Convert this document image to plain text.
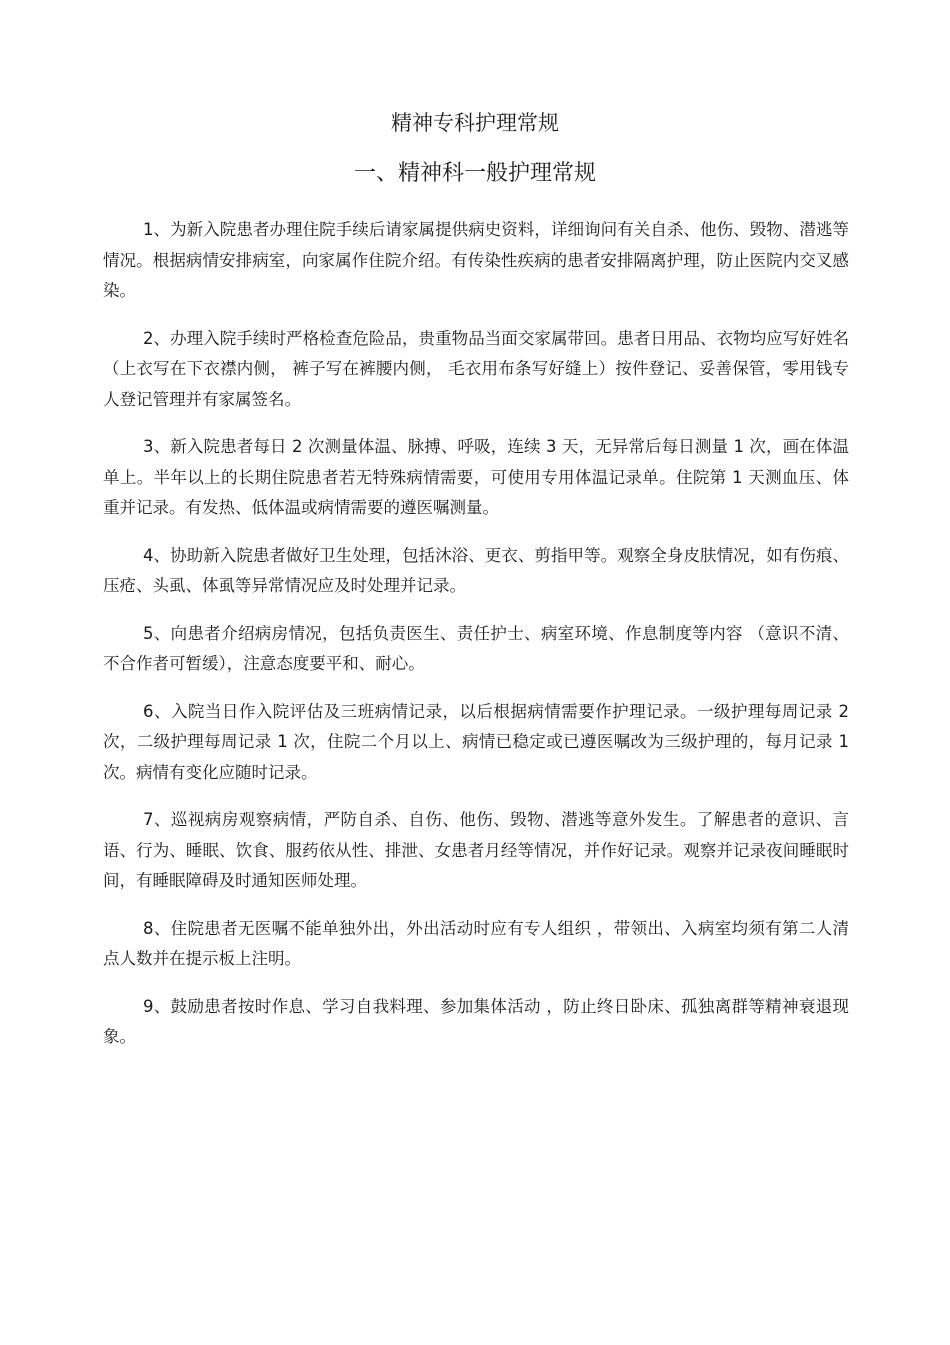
精神专科护理常规
一、精神科一般护理常规

1、为新入院患者办理住院手续后请家属提供病史资料，详细询问有关自杀、他伤、毁物、潜逃等情况。根据病情安排病室，向家属作住院介绍。有传染性疾病的患者安排隔离护理，防止医院内交叉感染。

2、办理入院手续时严格检查危险品，贵重物品当面交家属带回。患者日用品、衣物均应写好姓名（上衣写在下衣襟内侧， 裤子写在裤腰内侧， 毛衣用布条写好缝上）按件登记、妥善保管，零用钱专人登记管理并有家属签名。

3、新入院患者每日 2 次测量体温、脉搏、呼吸，连续 3 天，无异常后每日测量 1 次，画在体温单上。半年以上的长期住院患者若无特殊病情需要，可使用专用体温记录单。住院第 1 天测血压、体重并记录。有发热、低体温或病情需要的遵医嘱测量。

4、协助新入院患者做好卫生处理，包括沐浴、更衣、剪指甲等。观察全身皮肤情况，如有伤痕、压疮、头虱、体虱等异常情况应及时处理并记录。

5、向患者介绍病房情况，包括负责医生、责任护士、病室环境、作息制度等内容 （意识不清、不合作者可暂缓），注意态度要平和、耐心。

6、入院当日作入院评估及三班病情记录，以后根据病情需要作护理记录。一级护理每周记录 2 次，二级护理每周记录 1 次，住院二个月以上、病情已稳定或已遵医嘱改为三级护理的，每月记录 1 次。病情有变化应随时记录。

7、巡视病房观察病情，严防自杀、自伤、他伤、毁物、潜逃等意外发生。了解患者的意识、言语、行为、睡眠、饮食、服药依从性、排泄、女患者月经等情况，并作好记录。观察并记录夜间睡眠时间，有睡眠障碍及时通知医师处理。

8、住院患者无医嘱不能单独外出，外出活动时应有专人组织 ，带领出、入病室均须有第二人清点人数并在提示板上注明。

9、鼓励患者按时作息、学习自我料理、参加集体活动 ，防止终日卧床、孤独离群等精神衰退现象。
